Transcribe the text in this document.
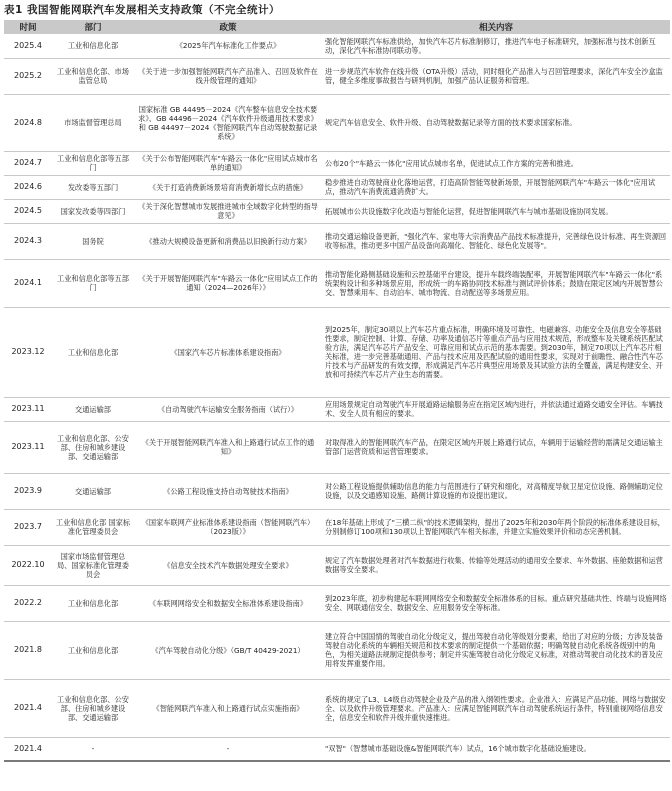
表1 我国智能网联汽车发展相关支持政策（不完全统计）
时间	部门	政策	相关内容
2025.4	工业和信息化部	《2025年汽车标准化工作要点》	强化智能网联汽车标准供给，加快汽车芯片标准制修订，推进汽车电子标准研究，加强标准与技术创新互动，深化汽车标准协同联动等。
2025.2	工业和信息化部、市场监管总局	《关于进一步加强智能网联汽车产品准入、召回及软件在线升级管理的通知》	进一步规范汽车软件在线升级（OTA升级）活动，同时细化产品准入与召回管理要求，深化汽车安全沙盒监管，健全多维度事故报告与研判机制，加强产品认证服务和管理。
2024.8	市场监督管理总局	国家标准 GB 44495－2024《汽车整车信息安全技术要求》、GB 44496－2024《汽车软件升级通用技术要求》和 GB 44497－2024《智能网联汽车自动驾驶数据记录系统》	规定汽车信息安全、软件升级、自动驾驶数据记录等方面的技术要求国家标准。
2024.7	工业和信息化部等五部门	《关于公布智能网联汽车"车路云一体化"应用试点城市名单的通知》	公布20个"车路云一体化"应用试点城市名单，促进试点工作方案的完善和推进。
2024.6	发改委等五部门	《关于打造消费新场景培育消费新增长点的措施》	稳步推进自动驾驶商业化落地运营，打造高阶智能驾驶新场景，开展智能网联汽车"车路云一体化"应用试点，推动汽车消费流通消费扩大。
2024.5	国家发改委等四部门	《关于深化智慧城市发展推进城市全域数字化转型的指导意见》	拓展城市公共设施数字化改造与智能化运营，促进智能网联汽车与城市基础设施协同发展。
2024.3	国务院	《推动大规模设备更新和消费品以旧换新行动方案》	推动交通运输设备更新，"强化汽车、家电等大宗消费品产品技术标准提升，完善绿色设计标准、再生资源回收等标准，推动更多中国产品设备向高端化、智能化、绿色化发展等"。
2024.1	工业和信息化部等五部门	《关于开展智能网联汽车"车路云一体化"应用试点工作的通知（2024—2026年）》	推动智能化路侧基础设施和云控基础平台建设，提升车载终端装配率，开展智能网联汽车"车路云一体化"系统架构设计和多种场景应用，形成统一的车路协同技术标准与测试评价体系；鼓励在限定区域内开展智慧公交、智慧乘用车、自动泊车、城市物流、自动配送等多场景应用。
2023.12	工业和信息化部	《国家汽车芯片标准体系建设指南》	到2025年，制定30项以上汽车芯片重点标准，明确环境及可靠性、电磁兼容、功能安全及信息安全等基础性要求，制定控制、计算、存储、功率及通信芯片等重点产品与应用技术规范，形成整车及关键系统匹配试验方法，满足汽车芯片产品安全、可靠应用和试点示范的基本需要。到2030年，制定70项以上汽车芯片相关标准，进一步完善基础通用、产品与技术应用及匹配试验的通用性要求，实现对于前瞻性、融合性汽车芯片技术与产品研发的有效支撑，形成满足汽车芯片典型应用场景及其试验方法的全覆盖，满足构建安全、开放和可持续汽车芯片产业生态的需要。
2023.11	交通运输部	《自动驾驶汽车运输安全服务指南（试行）》	应用场景规定自动驾驶汽车开展道路运输服务应在指定区域内进行，并依法通过道路交通安全评估。车辆技术、安全人员有相应的要求。
2023.11	工业和信息化部、公安部、住房和城乡建设部、交通运输部	《关于开展智能网联汽车准入和上路通行试点工作的通知》	对取得准入的智能网联汽车产品，在限定区域内开展上路通行试点，车辆用于运输经营的需满足交通运输主管部门运营资质和运营管理要求。
2023.9	交通运输部	《公路工程设施支持自动驾驶技术指南》	对公路工程设施提供辅助信息的能力与范围进行了研究和细化，对高精度导航卫星定位设施、路侧辅助定位设施，以及交通感知设施、路侧计算设施的布设提出建议。
2023.7	工业和信息化部 国家标准化管理委员会	《国家车联网产业标准体系建设指南（智能网联汽车）（2023版）》	在18年基础上形成了"三横二纵"的技术逻辑架构，提出了2025年和2030年两个阶段的标准体系建设目标，分别制修订100项和130项以上智能网联汽车相关标准，并建立实施效果评价和动态完善机制。
2022.10	国家市场监督管理总局、国家标准化管理委员会	《信息安全技术汽车数据处理安全要求》	规定了汽车数据处理者对汽车数据进行收集、传输等处理活动的通用安全要求、车外数据、座舱数据和运营数据等安全要求。
2022.2	工业和信息化部	《车联网网络安全和数据安全标准体系建设指南》	到2023年底，初步构建起车联网网络安全和数据安全标准体系的目标。重点研究基础共性、终端与设施网络安全、网联通信安全、数据安全、应用服务安全等标准。
2021.8	工业和信息化部	《汽车驾驶自动化分级》（GB/T 40429-2021）	建立符合中国国情的驾驶自动化分级定义，提出驾驶自动化等级划分要素，给出了对应的分级；方涉及装备驾驶自动化系统的车辆相关规范和技术要求的制定提供一个基础依据；明确驾驶自动化系统各级别中的角色，为相关道路法规制定提供参考；制定并实施驾驶自动化分级定义标准，对推动驾驶自动化技术的普及应用将发挥重要作用。
2021.4	工业和信息化部、公安部、住房和城乡建设部、交通运输部	《智能网联汽车准入和上路通行试点实施指南》	系统的规定了L3、L4级自动驾驶企业及产品的准入纲领性要求。企业准入：应满足产品功能、网络与数据安全、以及软件升级管理要求。产品准入：应满足智能网联汽车自动驾驶系统运行条件，特别重视网络信息安全，信息安全和软件升级并重快速推进。
2021.4	-	-	"双智"（智慧城市基础设施&智能网联汽车）试点，16个城市数字化基础设施建设。
